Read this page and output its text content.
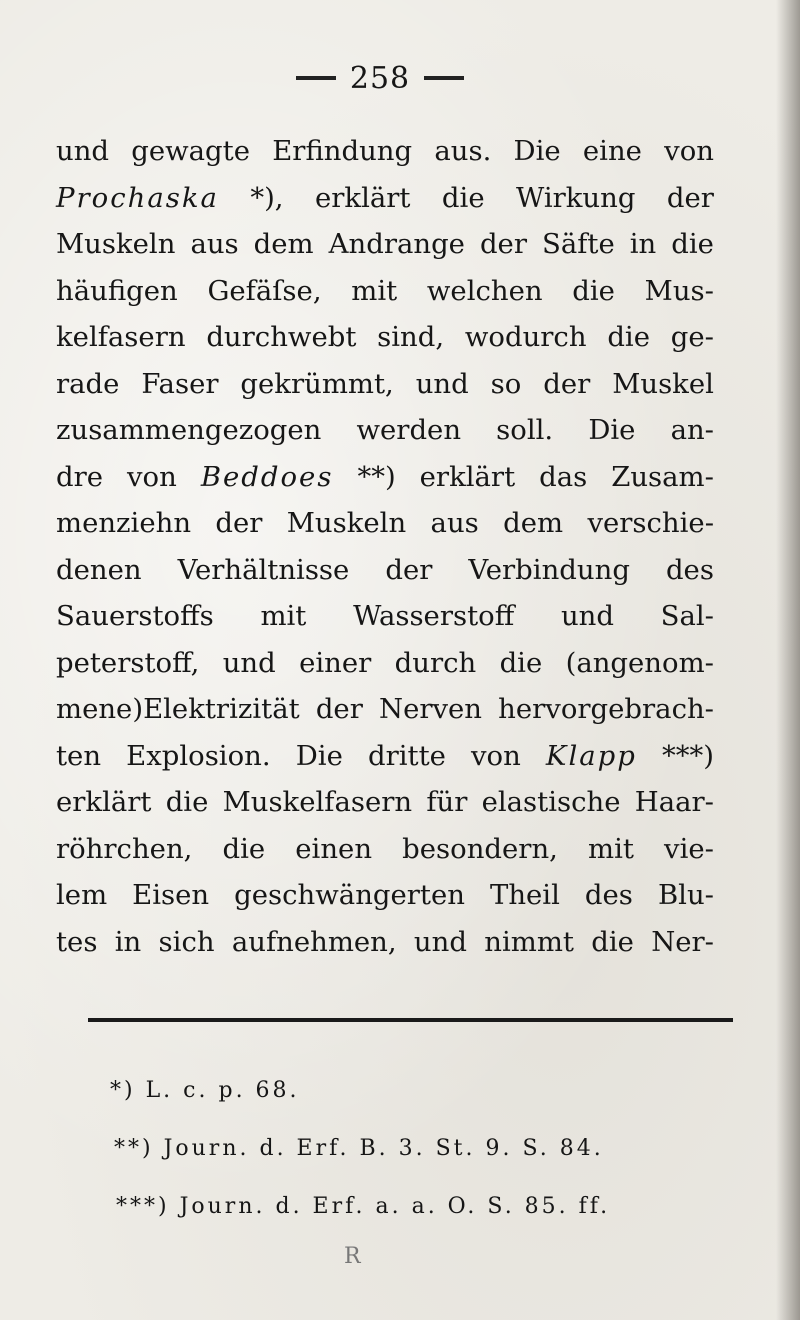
258
und gewagte Erfindung aus. Die eine von
Prochaska *), erklärt die Wirkung der
Muskeln aus dem Andrange der Säfte in die
häufigen Gefäſse, mit welchen die Mus-
kelfasern durchwebt sind, wodurch die ge-
rade Faser gekrümmt, und so der Muskel
zusammengezogen werden soll. Die an-
dre von Beddoes **) erklärt das Zusam-
menziehn der Muskeln aus dem verschie-
denen Verhältnisse der Verbindung des
Sauerstoffs mit Wasserstoff und Sal-
peterstoff, und einer durch die (angenom-
mene)Elektrizität der Nerven hervorgebrach-
ten Explosion. Die dritte von Klapp ***)
erklärt die Muskelfasern für elastische Haar-
röhrchen, die einen besondern, mit vie-
lem Eisen geschwängerten Theil des Blu-
tes in sich aufnehmen, und nimmt die Ner-
*) L. c. p. 68.
**) Journ. d. Erf. B. 3. St. 9. S. 84.
***) Journ. d. Erf. a. a. O. S. 85. ff.
R
